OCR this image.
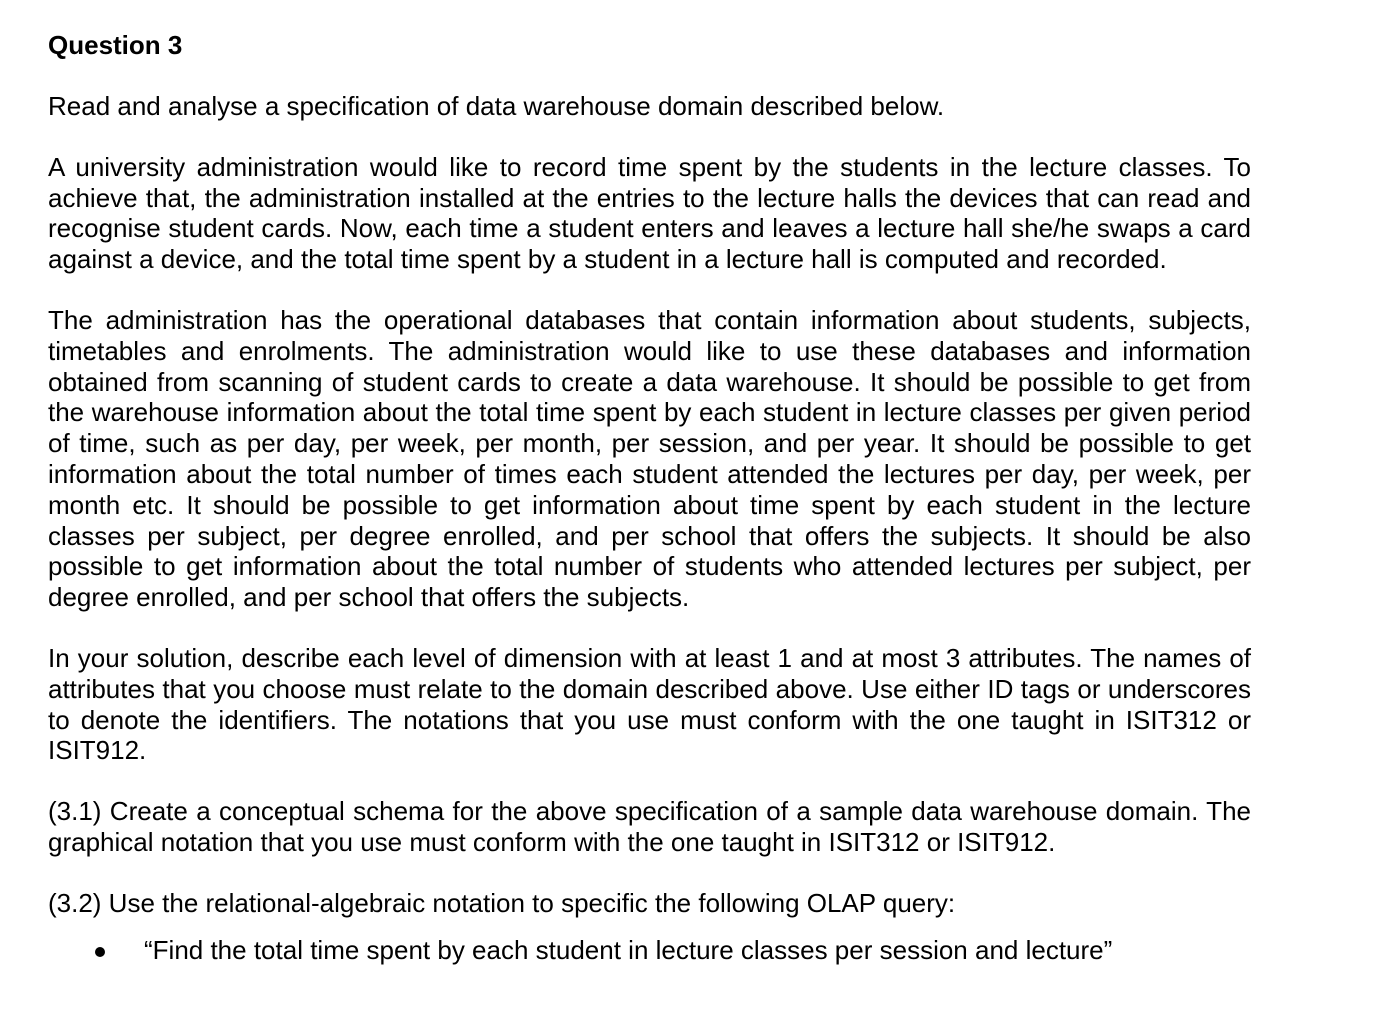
Question 3

Read and analyse a specification of data warehouse domain described below.

A university administration would like to record time spent by the students in the lecture classes. To achieve that, the administration installed at the entries to the lecture halls the devices that can read and recognise student cards. Now, each time a student enters and leaves a lecture hall she/he swaps a card against a device, and the total time spent by a student in a lecture hall is computed and recorded.

The administration has the operational databases that contain information about students, subjects, timetables and enrolments. The administration would like to use these databases and information obtained from scanning of student cards to create a data warehouse. It should be possible to get from the warehouse information about the total time spent by each student in lecture classes per given period of time, such as per day, per week, per month, per session, and per year. It should be possible to get information about the total number of times each student attended the lectures per day, per week, per month etc. It should be possible to get information about time spent by each student in the lecture classes per subject, per degree enrolled, and per school that offers the subjects. It should be also possible to get information about the total number of students who attended lectures per subject, per degree enrolled, and per school that offers the subjects.

In your solution, describe each level of dimension with at least 1 and at most 3 attributes. The names of attributes that you choose must relate to the domain described above. Use either ID tags or underscores to denote the identifiers. The notations that you use must conform with the one taught in ISIT312 or ISIT912.

(3.1) Create a conceptual schema for the above specification of a sample data warehouse domain. The graphical notation that you use must conform with the one taught in ISIT312 or ISIT912.

(3.2) Use the relational-algebraic notation to specific the following OLAP query:

“Find the total time spent by each student in lecture classes per session and lecture”
